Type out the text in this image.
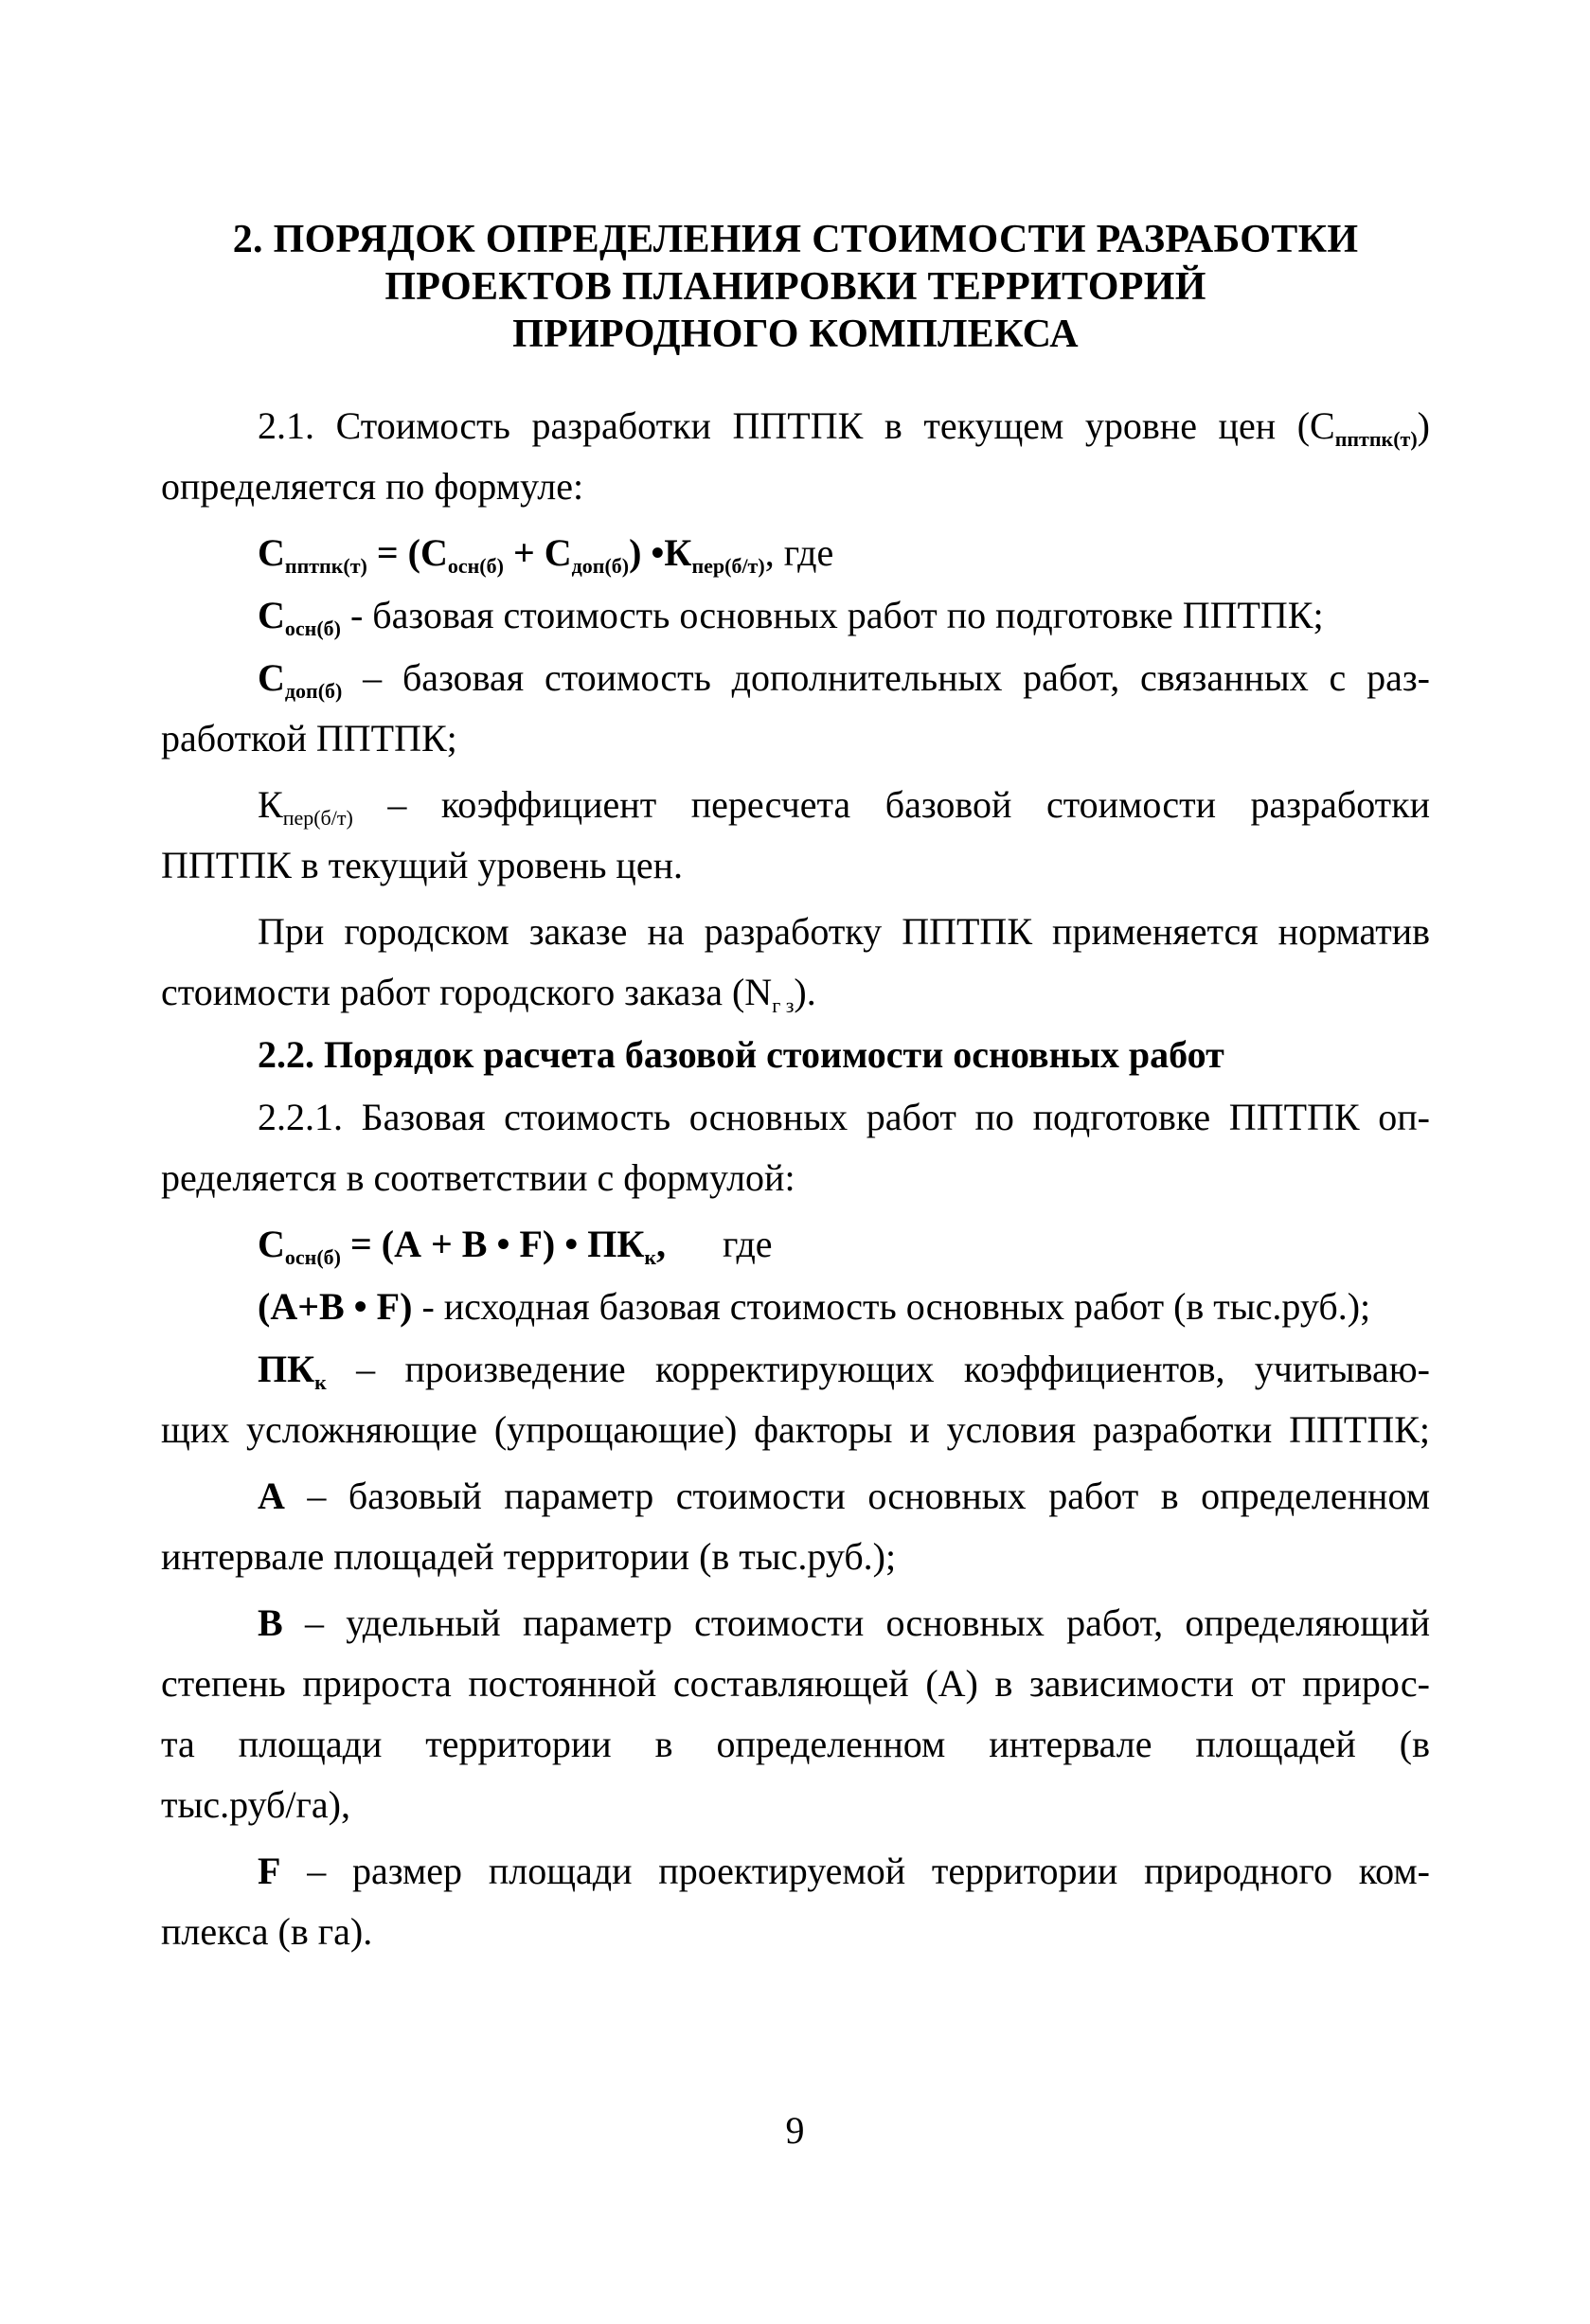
2. ПОРЯДОК ОПРЕДЕЛЕНИЯ СТОИМОСТИ РАЗРАБОТКИ
ПРОЕКТОВ ПЛАНИРОВКИ ТЕРРИТОРИЙ
ПРИРОДНОГО КОМПЛЕКСА
2.1. Стоимость разработки ППТПК в текущем уровне цен $(С_{пптпк(т)})$
определяется по формуле:
$С_{пптпк(т)} = (С_{осн(б)} + С_{доп(б)})$ $•К_{пер(б/т)}$, где
$С_{осн(б)}$ - базовая стоимость основных работ по подготовке ППТПК;
$С_{доп(б)}$ – базовая стоимость дополнительных работ, связанных с раз-
работкой ППТПК;
$К_{пер(б/т)}$ – коэффициент пересчета базовой стоимости разработки
ППТПК в текущий уровень цен.
При городском заказе на разработку ППТПК применяется норматив
стоимости работ городского заказа $(N_{г з})$.
2.2. Порядок расчета базовой стоимости основных работ
2.2.1. Базовая стоимость основных работ по подготовке ППТПК оп-
ределяется в соответствии с формулой:
$С_{осн(б)} = (А + В$ • F) • $ПК_к$, где
(А+В • F) - исходная базовая стоимость основных работ (в тыс.руб.);
$ПК_к$ – произведение корректирующих коэффициентов, учитываю-
щих усложняющие (упрощающие) факторы и условия разработки ППТПК;
А – базовый параметр стоимости основных работ в определенном
интервале площадей территории (в тыс.руб.);
В – удельный параметр стоимости основных работ, определяющий
степень прироста постоянной составляющей (А) в зависимости от прирос-
та площади территории в определенном интервале площадей (в
тыс.руб/га),
F – размер площади проектируемой территории природного ком-
плекса (в га).
9
